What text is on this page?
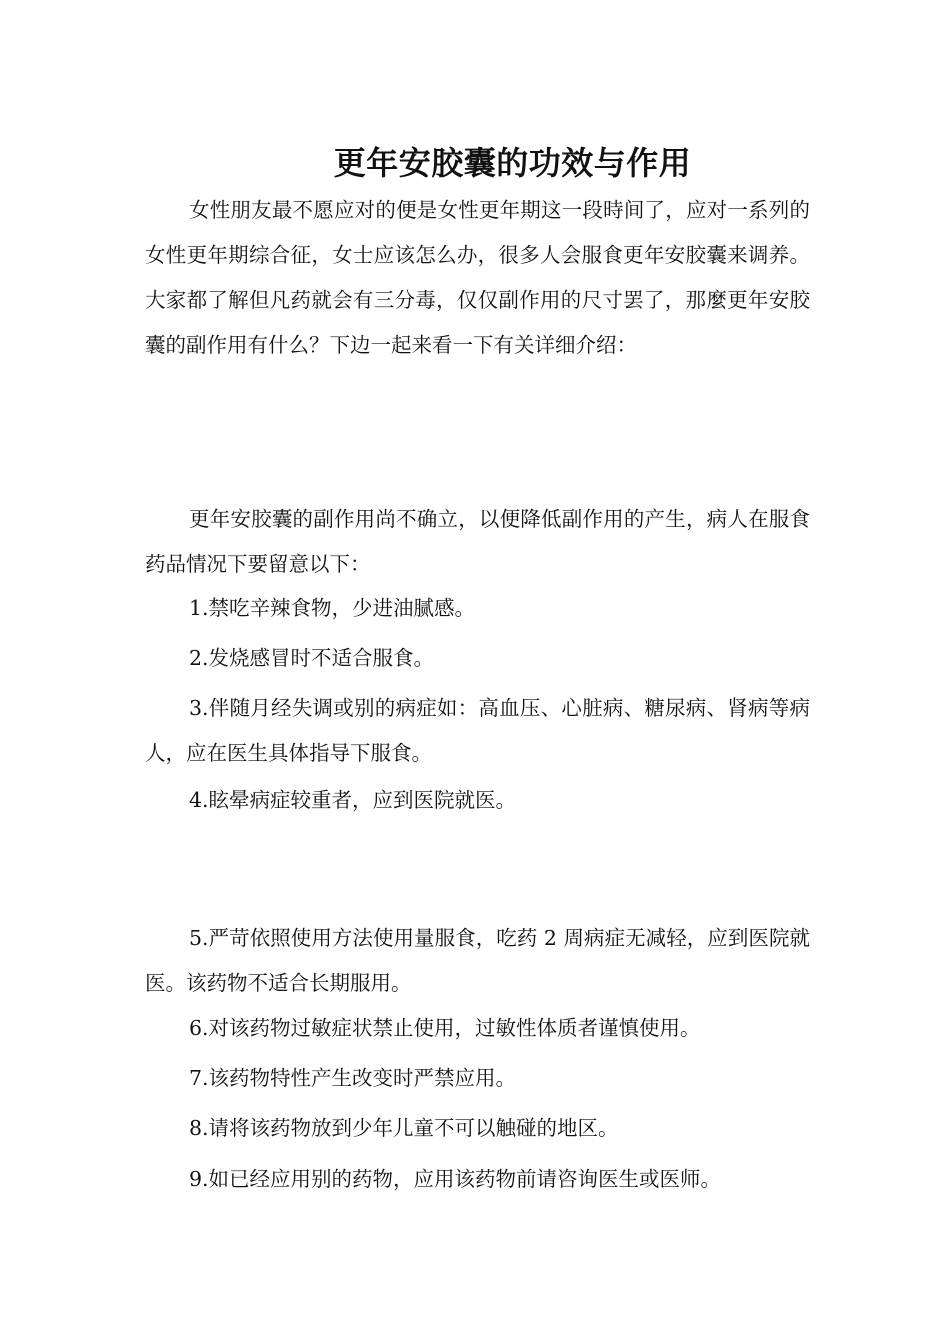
更年安胶囊的功效与作用

女性朋友最不愿应对的便是女性更年期这一段時间了，应对一系列的女性更年期综合征，女士应该怎么办，很多人会服食更年安胶囊来调养。大家都了解但凡药就会有三分毒，仅仅副作用的尺寸罢了，那麼更年安胶囊的副作用有什么？下边一起来看一下有关详细介绍：

更年安胶囊的副作用尚不确立，以便降低副作用的产生，病人在服食药品情况下要留意以下：

1.禁吃辛辣食物，少进油腻感。

2.发烧感冒时不适合服食。

3.伴随月经失调或别的病症如：高血压、心脏病、糖尿病、肾病等病人，应在医生具体指导下服食。

4.眩晕病症较重者，应到医院就医。

5.严苛依照使用方法使用量服食，吃药 2 周病症无减轻，应到医院就医。该药物不适合长期服用。

6.对该药物过敏症状禁止使用，过敏性体质者谨慎使用。

7.该药物特性产生改变时严禁应用。

8.请将该药物放到少年儿童不可以触碰的地区。

9.如已经应用别的药物，应用该药物前请咨询医生或医师。
